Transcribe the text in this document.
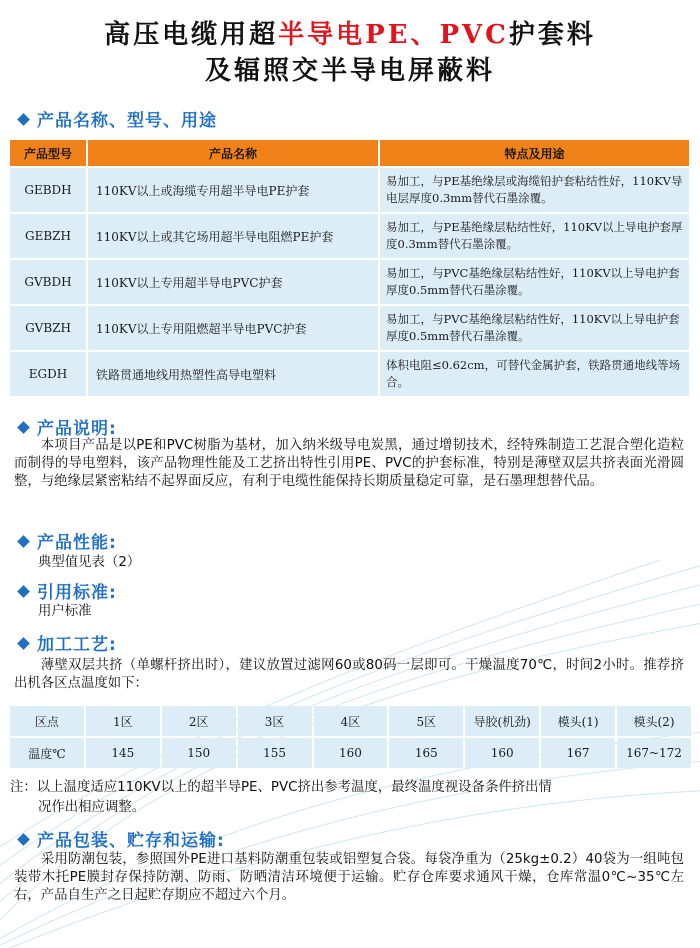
高压电缆用超半导电PE、PVC护套料
及辐照交半导电屏蔽料
产品名称、型号、用途
产品型号	产品名称	特点及用途
GEBDH	110KV以上或海缆专用超半导电PE护套	易加工，与PE基绝缘层或海缆铅护套粘结性好，110KV导电层厚度0.3mm替代石墨涂覆。
GEBZH	110KV以上或其它场用超半导电阻燃PE护套	易加工，与PE基绝缘层粘结性好，110KV以上导电护套厚度0.3mm替代石墨涂覆。
GVBDH	110KV以上专用超半导电PVC护套	易加工，与PVC基绝缘层粘结性好，110KV以上导电护套厚度0.5mm替代石墨涂覆。
GVBZH	110KV以上专用阻燃超半导电PVC护套	易加工，与PVC基绝缘层粘结性好，110KV以上导电护套厚度0.5mm替代石墨涂覆。
EGDH	铁路贯通地线用热塑性高导电塑料	体积电阻≤0.62cm，可替代金属护套，铁路贯通地线等场合。
产品说明:
本项目产品是以PE和PVC树脂为基材，加入纳米级导电炭黑，通过增韧技术，经特殊制造工艺混合塑化造粒而制得的导电塑料，该产品物理性能及工艺挤出特性引用PE、PVC的护套标准，特别是薄壁双层共挤表面光滑圆整，与绝缘层紧密粘结不起界面反应，有利于电缆性能保持长期质量稳定可靠，是石墨理想替代品。
产品性能:
典型值见表（2）
引用标准:
用户标准
加工工艺:
薄壁双层共挤（单螺杆挤出时），建议放置过滤网60或80码一层即可。干燥温度70℃，时间2小时。推荐挤出机各区点温度如下：
区点	1区	2区	3区	4区	5区	导胶(机劲)	模头(1)	模头(2)
温度℃	145	150	155	160	165	160	167	167~172
注：以上温度适应110KV以上的超半导PE、PVC挤出参考温度，最终温度视设备条件挤出情
况作出相应调整。
产品包装、贮存和运输:
采用防潮包装，参照国外PE进口基料防潮重包装或铝塑复合袋。每袋净重为（25kg±0.2）40袋为一组吨包装带木托PE膜封存保持防潮、防雨、防晒清洁环境便于运输。贮存仓库要求通风干燥，仓库常温0℃~35℃左右，产品自生产之日起贮存期应不超过六个月。
